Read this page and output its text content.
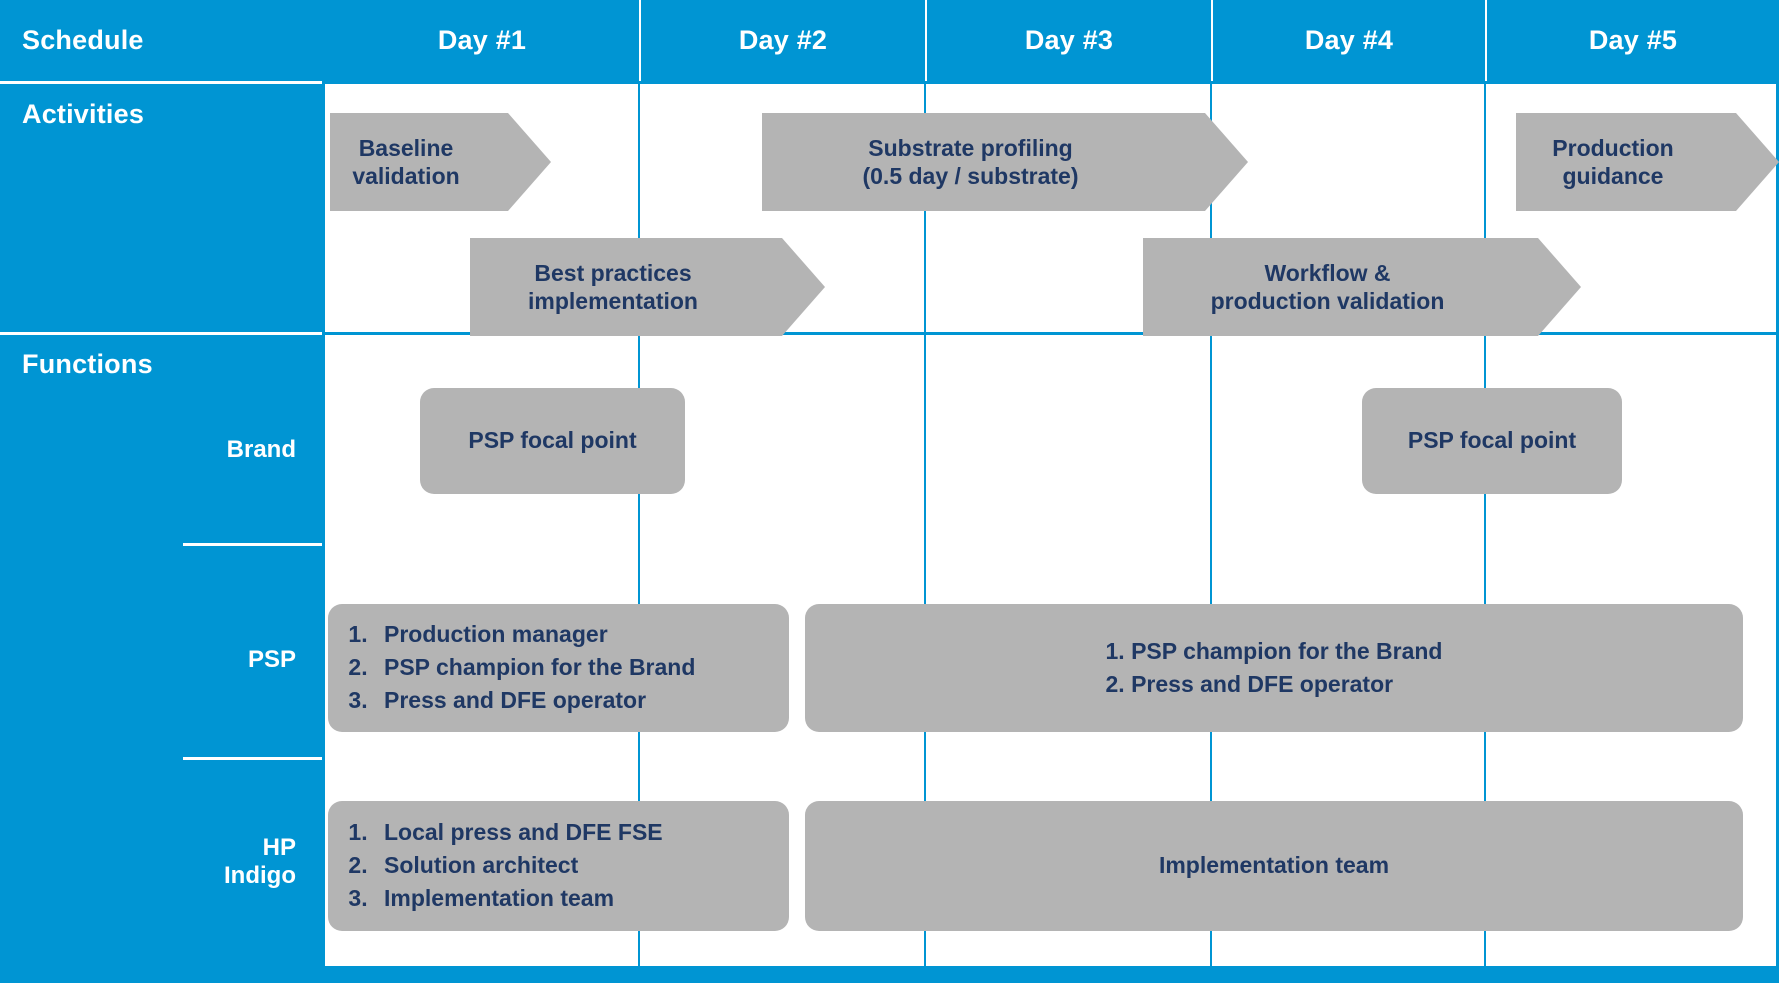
Schedule	Day #1	Day #2	Day #3	Day #4	Day #5
Activities
Functions
Brand
PSP
HP
Indigo
Baseline
validation
Substrate profiling
(0.5 day / substrate)
Production
guidance
Best practices
implementation
Workflow &
production validation
PSP focal point	PSP focal point
1. Production manager
2. PSP champion for the Brand
3. Press and DFE operator
1. PSP champion for the Brand
2. Press and DFE operator
1. Local press and DFE FSE
2. Solution architect
3. Implementation team
Implementation team
